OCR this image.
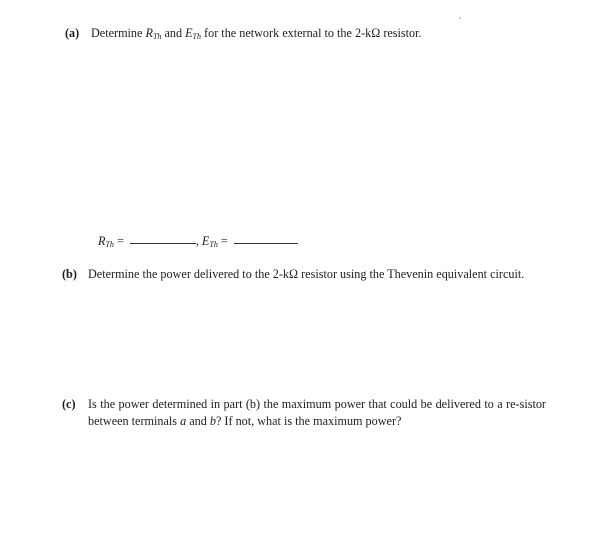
(a) Determine $R_{Th}$ and $E_{Th}$ for the network external to the 2-kΩ resistor.
$R_{Th}$ =	, $E_{Th}$ =
(b) Determine the power delivered to the 2-kΩ resistor using the Thevenin equivalent circuit.
(c) Is the power determined in part (b) the maximum power that could be delivered to a re-sistor between terminals a and b? If not, what is the maximum power?
